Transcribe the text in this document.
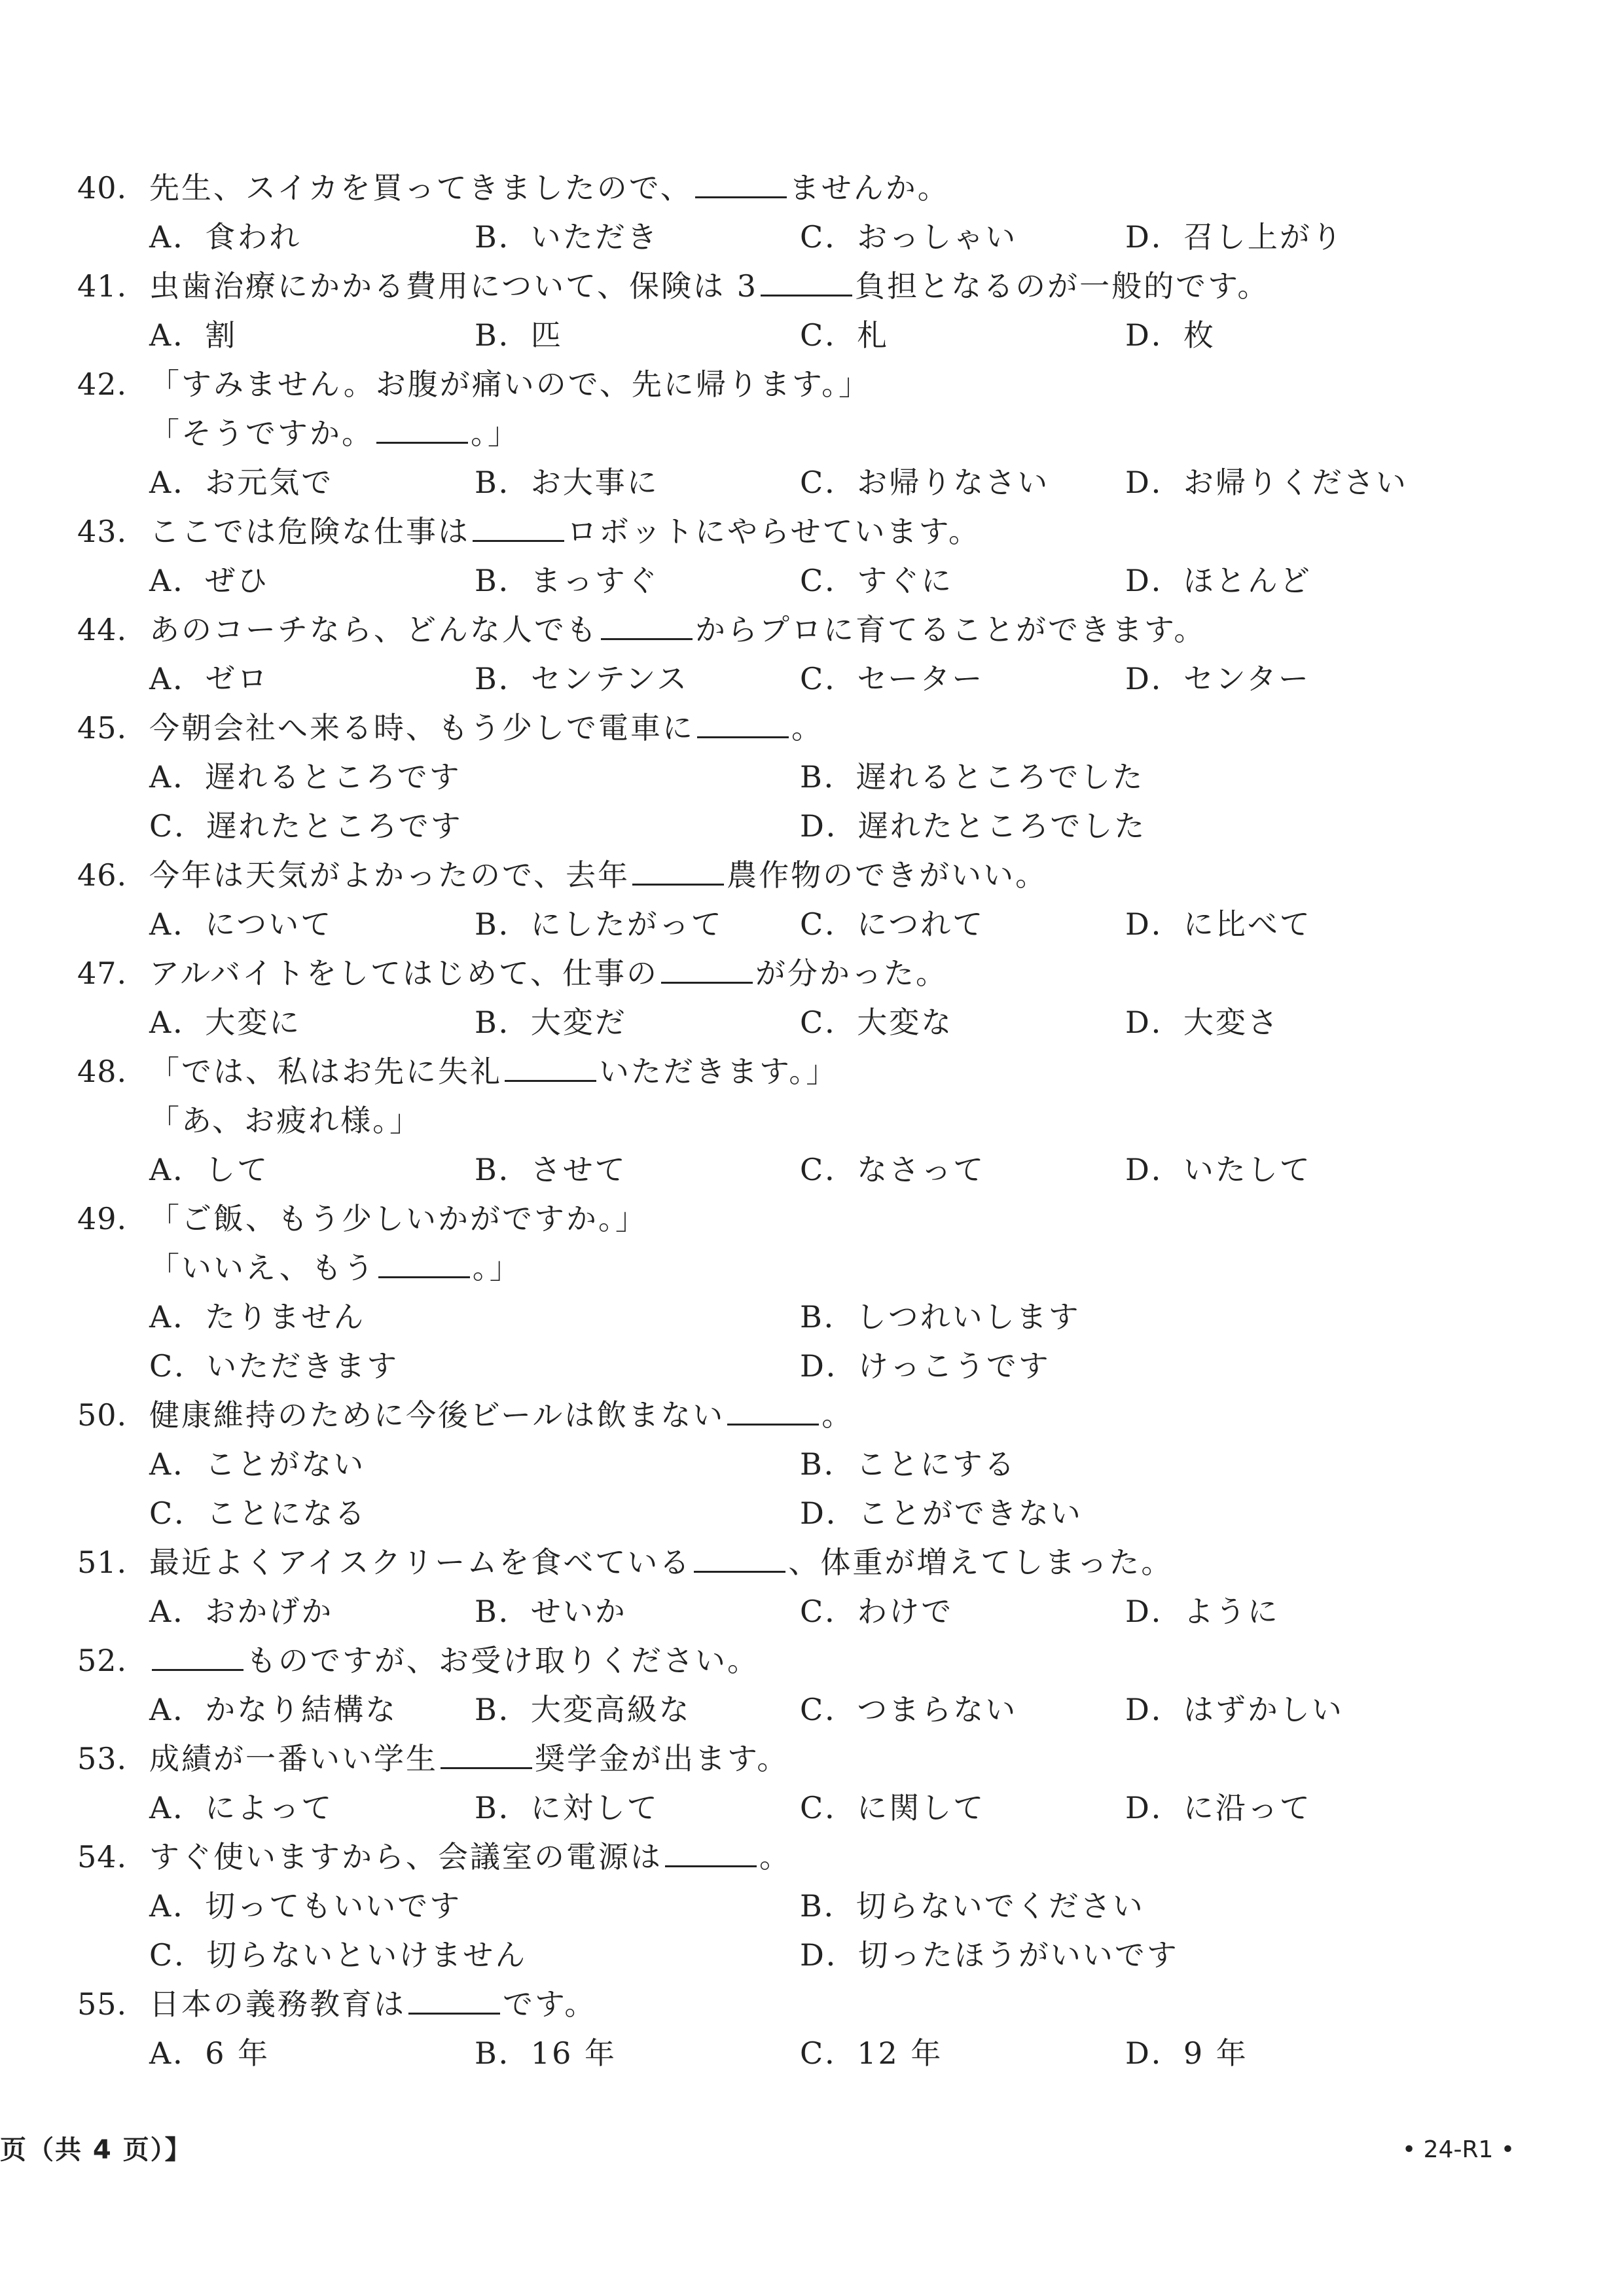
40. 先生、スイカを買ってきましたので、	ませんか。
A．食われ	B．いただき	C．おっしゃい	D．召し上がり
41. 虫歯治療にかかる費用について、保険は 3	負担となるのが一般的です。
A．割	B．匹	C．札	D．枚
42. 「すみません。お腹が痛いので、先に帰ります。」
「そうですか。	。」
A．お元気で	B．お大事に	C．お帰りなさい	D．お帰りください
43. ここでは危険な仕事は	ロボットにやらせています。
A．ぜひ	B．まっすぐ	C．すぐに	D．ほとんど
44. あのコーチなら、どんな人でも	からプロに育てることができます。
A．ゼロ	B．センテンス	C．セーター	D．センター
45. 今朝会社へ来る時、もう少しで電車に	。
A．遅れるところです	B．遅れるところでした
C．遅れたところです	D．遅れたところでした
46. 今年は天気がよかったので、去年	農作物のできがいい。
A．について	B．にしたがって	C．につれて	D．に比べて
47. アルバイトをしてはじめて、仕事の	が分かった。
A．大変に	B．大変だ	C．大変な	D．大変さ
48. 「では、私はお先に失礼	いただきます。」
「あ、お疲れ様。」
A．して	B．させて	C．なさって	D．いたして
49. 「ご飯、もう少しいかがですか。」
「いいえ、もう	。」
A．たりません	B．しつれいします
C．いただきます	D．けっこうです
50. 健康維持のために今後ビールは飲まない	。
A．ことがない	B．ことにする
C．ことになる	D．ことができない
51. 最近よくアイスクリームを食べている	、体重が増えてしまった。
A．おかげか	B．せいか	C．わけで	D．ように
52.	ものですが、お受け取りください。
A．かなり結構な	B．大変高級な	C．つまらない	D．はずかしい
53. 成績が一番いい学生	奨学金が出ます。
A．によって	B．に対して	C．に関して	D．に沿って
54. すぐ使いますから、会議室の電源は	。
A．切ってもいいです	B．切らないでください
C．切らないといけません	D．切ったほうがいいです
55. 日本の義務教育は	です。
A．6 年	B．16 年	C．12 年	D．9 年
页（共 4 页）】	• 24-R1 •
